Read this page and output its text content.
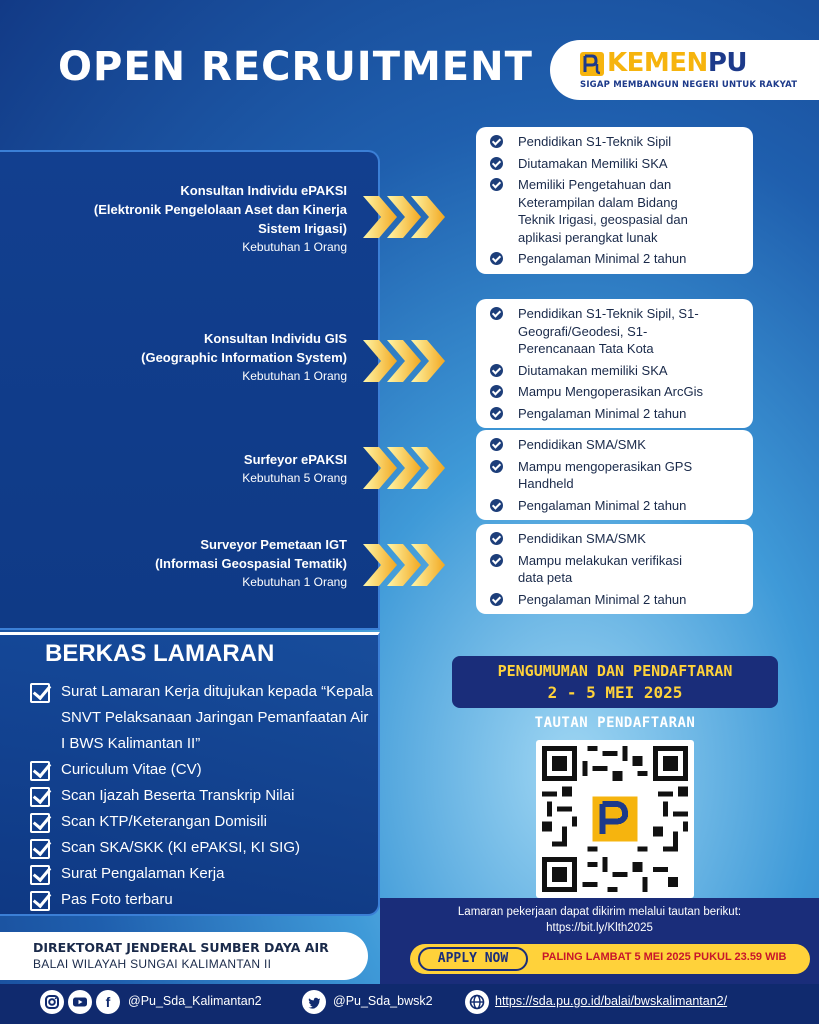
OPEN RECRUITMENT	KEMENPU
SIGAP MEMBANGUN NEGERI UNTUK RAKYAT
Konsultan Individu ePAKSI
(Elektronik Pengelolaan Aset dan Kinerja
Sistem Irigasi)
Kebutuhan 1 Orang
Konsultan Individu GIS
(Geographic Information System)
Kebutuhan 1 Orang
Surfeyor ePAKSI
Kebutuhan 5 Orang
Surveyor Pemetaan IGT
(Informasi Geospasial Tematik)
Kebutuhan 1 Orang
Pendidikan S1-Teknik Sipil
Diutamakan Memiliki SKA
Memiliki Pengetahuan dan Keterampilan dalam Bidang Teknik Irigasi, geospasial dan aplikasi perangkat lunak
Pengalaman Minimal 2 tahun
Pendidikan S1-Teknik Sipil, S1-Geografi/Geodesi, S1-Perencanaan Tata Kota
Diutamakan memiliki SKA
Mampu Mengoperasikan ArcGis
Pengalaman Minimal 2 tahun
Pendidikan SMA/SMK
Mampu mengoperasikan GPS Handheld
Pengalaman Minimal 2 tahun
Pendidikan SMA/SMK
Mampu melakukan verifikasi data peta
Pengalaman Minimal 2 tahun
BERKAS LAMARAN
Surat Lamaran Kerja ditujukan kepada “Kepala SNVT Pelaksanaan Jaringan Pemanfaatan Air I BWS Kalimantan II”
Curiculum Vitae (CV)
Scan Ijazah Beserta Transkrip Nilai
Scan KTP/Keterangan Domisili
Scan SKA/SKK (KI ePAKSI, KI SIG)
Surat Pengalaman Kerja
Pas Foto terbaru
PENGUMUMAN DAN PENDAFTARAN
2 - 5 MEI 2025
TAUTAN PENDAFTARAN
Lamaran pekerjaan dapat dikirim melalui tautan berikut:
https://bit.ly/Klth2025
DIREKTORAT JENDERAL SUMBER DAYA AIR
BALAI WILAYAH SUNGAI KALIMANTAN II	APPLY NOW	PALING LAMBAT 5 MEI 2025 PUKUL 23.59 WIB
f	@Pu_Sda_Kalimantan2	@Pu_Sda_bwsk2	https://sda.pu.go.id/balai/bwskalimantan2/
